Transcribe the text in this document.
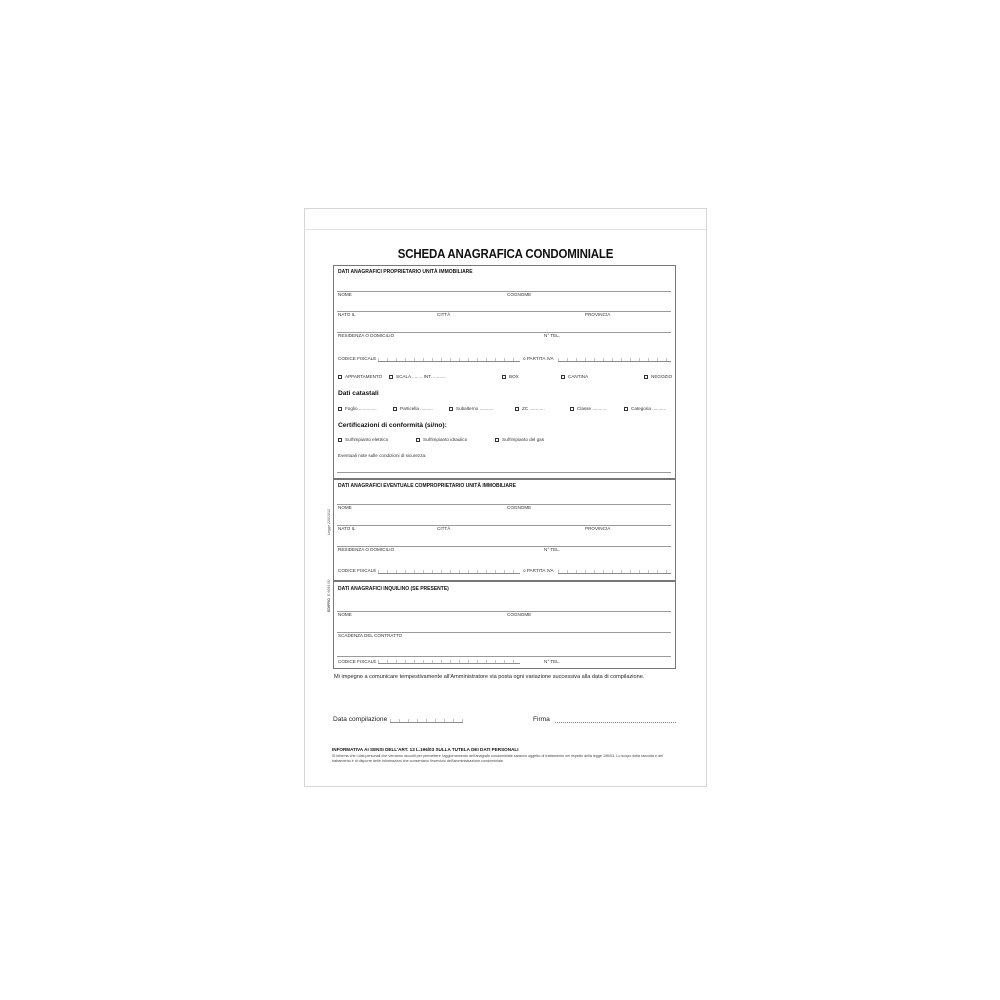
SCHEDA ANAGRAFICA CONDOMINIALE
Legge 220/2012
EDIPRO
E 6093 00
DATI ANAGRAFICI PROPRIETARIO UNITÀ IMMOBILIARE
NOME	COGNOME
NATO IL	CITTÀ	PROVINCIA
RESIDENZA O DOMICILIO	N° TEL.
CODICE FISCALE	o PARTITA IVA
APPARTAMENTO	SCALA ........ INT. ..........	BOX	CANTINA	NEGOZIO
Dati catastali
Foglio ..............	Particella ..........	Subalterno ...........	ZC ............	Classe ...........	Categoria ...........
Certificazioni di conformità (si/no):
Sull'impianto elettrico	Sull'impianto idraulico	Sull'impianto del gas
Eventuali note sulle condizioni di sicurezza:
DATI ANAGRAFICI EVENTUALE COMPROPRIETARIO UNITÀ IMMOBILIARE
NOME	COGNOME
NATO IL	CITTÀ	PROVINCIA
RESIDENZA O DOMICILIO	N° TEL.
CODICE FISCALE	o PARTITA IVA
DATI ANAGRAFICI INQUILINO (SE PRESENTE)
NOME	COGNOME
SCADENZA DEL CONTRATTO
CODICE FISCALE	N° TEL.
Mi impegno a comunicare tempestivamente all'Amministratore via posta ogni variazione successiva alla data di compilazione.
Data compilazione	Firma
INFORMATIVA AI SENSI DELL'ART. 13 L.196/03 SULLA TUTELA DEI DATI PERSONALI
Si informa che i dati personali che verranno raccolti per permettere l'aggiornamento dell'anagrafe condominiale saranno oggetto di trattamento nel rispetto della legge 196/03. Lo scopo della raccolta e del trattamento è di disporre delle informazioni che consentano l'esercizio dell'amministrazione condominiale.
